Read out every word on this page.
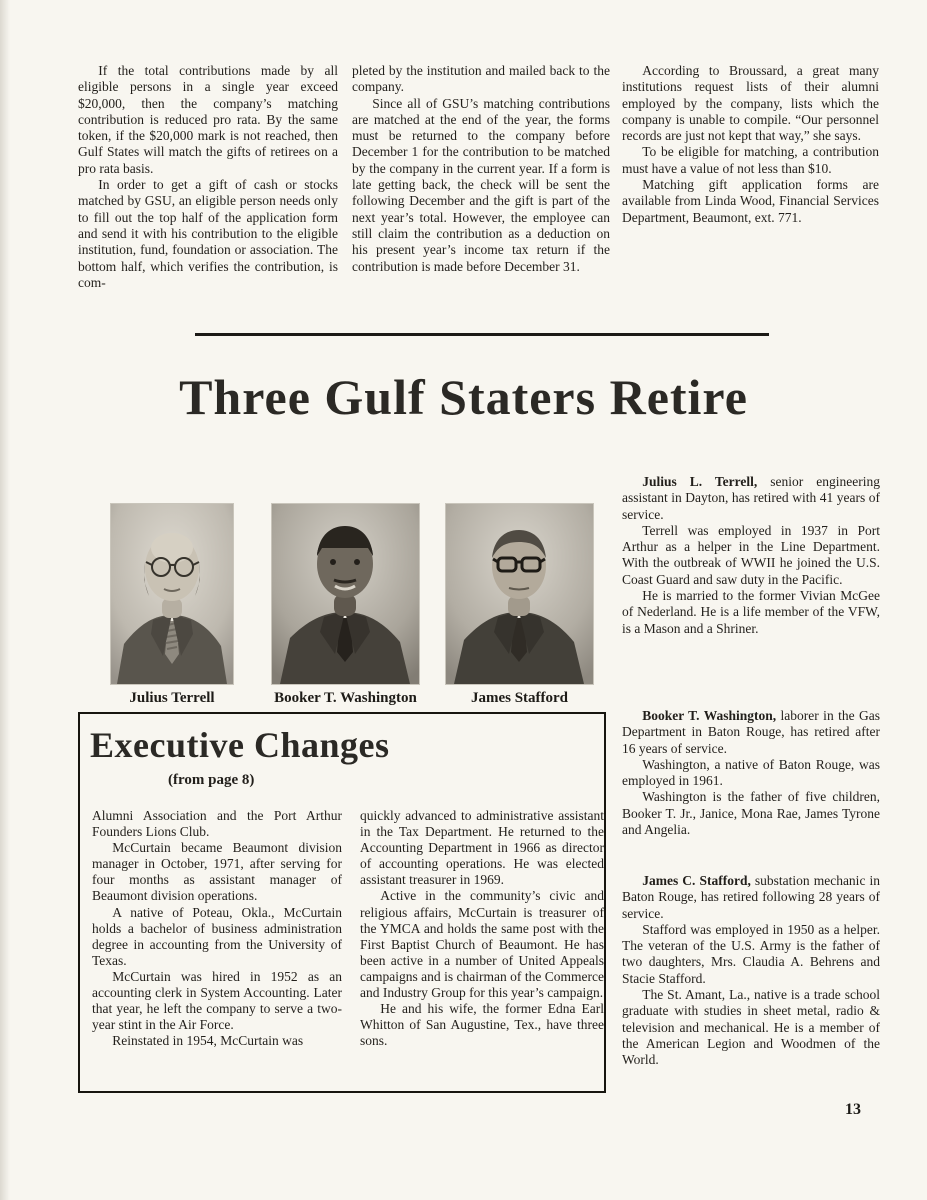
If the total contributions made by all eligible persons in a single year exceed $20,000, then the company’s matching contribution is reduced pro rata. By the same token, if the $20,000 mark is not reached, then Gulf States will match the gifts of retirees on a pro rata basis.

In order to get a gift of cash or stocks matched by GSU, an eligible person needs only to fill out the top half of the application form and send it with his contribution to the eligible institution, fund, foundation or association. The bottom half, which verifies the contribution, is com-

pleted by the institution and mailed back to the company.

Since all of GSU’s matching contributions are matched at the end of the year, the forms must be returned to the company before December 1 for the contribution to be matched by the company in the current year. If a form is late getting back, the check will be sent the following December and the gift is part of the next year’s total. However, the employee can still claim the contribution as a deduction on his present year’s income tax return if the contribution is made before December 31.

According to Broussard, a great many institutions request lists of their alumni employed by the company, lists which the company is unable to compile. “Our personnel records are just not kept that way,” she says.

To be eligible for matching, a contribution must have a value of not less than $10.

Matching gift application forms are available from Linda Wood, Financial Services Department, Beaumont, ext. 771.

Three Gulf Staters Retire
Julius Terrell	Booker T. Washington	James Stafford

Julius L. Terrell, senior engineering assistant in Dayton, has retired with 41 years of service.

Terrell was employed in 1937 in Port Arthur as a helper in the Line Department. With the outbreak of WWII he joined the U.S. Coast Guard and saw duty in the Pacific.

He is married to the former Vivian McGee of Nederland. He is a life member of the VFW, is a Mason and a Shriner.

Booker T. Washington, laborer in the Gas Department in Baton Rouge, has retired after 16 years of service.

Washington, a native of Baton Rouge, was employed in 1961.

Washington is the father of five children, Booker T. Jr., Janice, Mona Rae, James Tyrone and Angelia.

James C. Stafford, substation mechanic in Baton Rouge, has retired following 28 years of service.

Stafford was employed in 1950 as a helper. The veteran of the U.S. Army is the father of two daughters, Mrs. Claudia A. Behrens and Stacie Stafford.

The St. Amant, La., native is a trade school graduate with studies in sheet metal, radio & television and mechanical. He is a member of the American Legion and Woodmen of the World.

Executive Changes
(from page 8)

Alumni Association and the Port Arthur Founders Lions Club.

McCurtain became Beaumont division manager in October, 1971, after serving for four months as assistant manager of Beaumont division operations.

A native of Poteau, Okla., McCurtain holds a bachelor of business administration degree in accounting from the University of Texas.

McCurtain was hired in 1952 as an accounting clerk in System Accounting. Later that year, he left the company to serve a two-year stint in the Air Force.

Reinstated in 1954, McCurtain was

quickly advanced to administrative assistant in the Tax Department. He returned to the Accounting Department in 1966 as director of accounting operations. He was elected assistant treasurer in 1969.

Active in the community’s civic and religious affairs, McCurtain is treasurer of the YMCA and holds the same post with the First Baptist Church of Beaumont. He has been active in a number of United Appeals campaigns and is chairman of the Commerce and Industry Group for this year’s campaign.

He and his wife, the former Edna Earl Whitton of San Augustine, Tex., have three sons.

13
